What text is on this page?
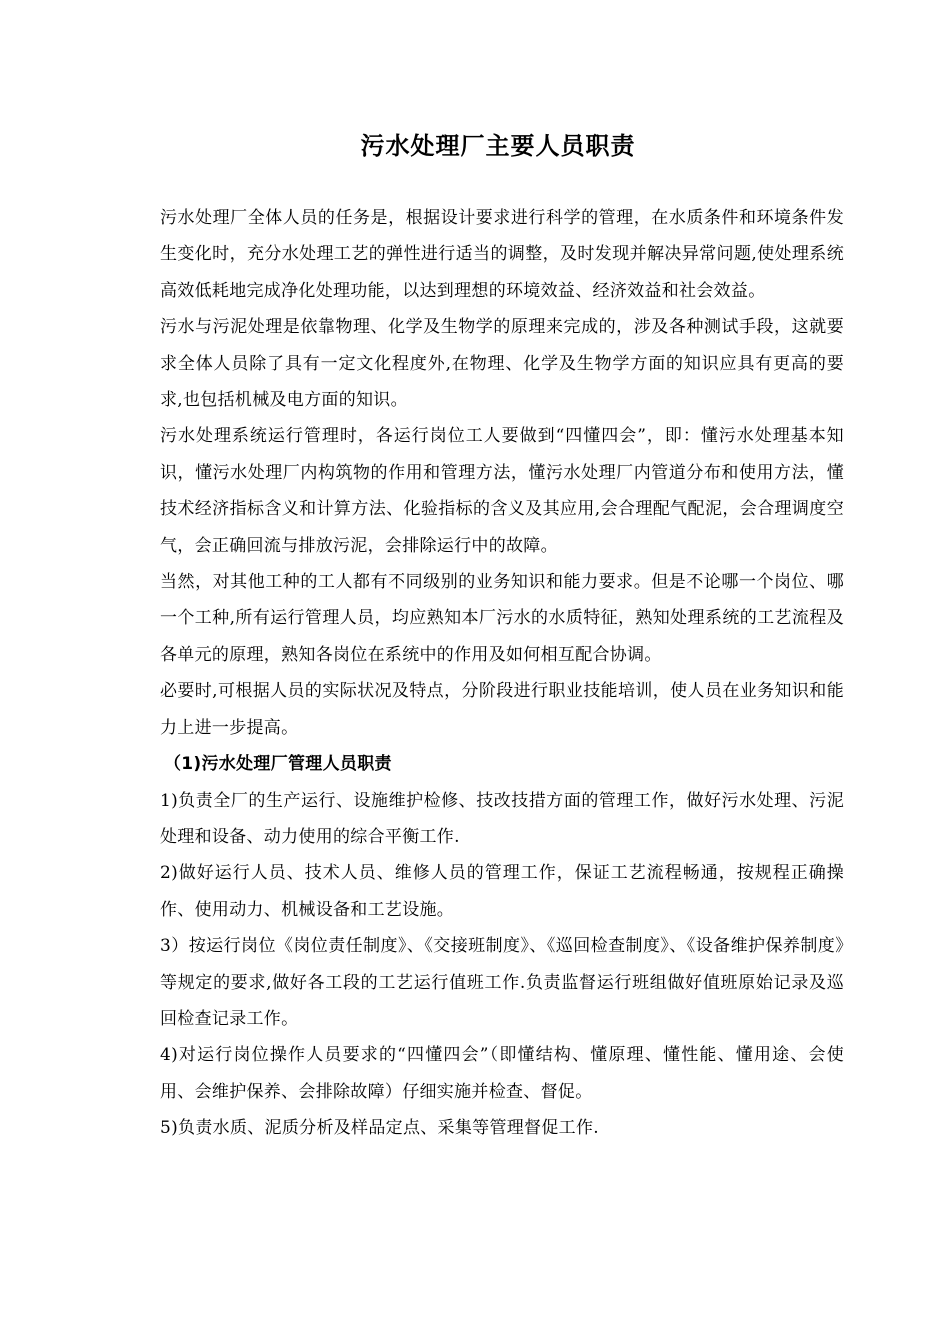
污水处理厂主要人员职责

污水处理厂全体人员的任务是，根据设计要求进行科学的管理，在水质条件和环境条件发生变化时，充分水处理工艺的弹性进行适当的调整，及时发现并解决异常问题,使处理系统高效低耗地完成净化处理功能，以达到理想的环境效益、经济效益和社会效益。

污水与污泥处理是依靠物理、化学及生物学的原理来完成的，涉及各种测试手段，这就要求全体人员除了具有一定文化程度外,在物理、化学及生物学方面的知识应具有更高的要求,也包括机械及电方面的知识。

污水处理系统运行管理时，各运行岗位工人要做到“四懂四会”，即：懂污水处理基本知识，懂污水处理厂内构筑物的作用和管理方法，懂污水处理厂内管道分布和使用方法，懂技术经济指标含义和计算方法、化验指标的含义及其应用,会合理配气配泥，会合理调度空气，会正确回流与排放污泥，会排除运行中的故障。

当然，对其他工种的工人都有不同级别的业务知识和能力要求。但是不论哪一个岗位、哪一个工种,所有运行管理人员，均应熟知本厂污水的水质特征，熟知处理系统的工艺流程及各单元的原理，熟知各岗位在系统中的作用及如何相互配合协调。

必要时,可根据人员的实际状况及特点，分阶段进行职业技能培训，使人员在业务知识和能力上进一步提高。

（1)污水处理厂管理人员职责

1)负责全厂的生产运行、设施维护检修、技改技措方面的管理工作，做好污水处理、污泥处理和设备、动力使用的综合平衡工作.

2)做好运行人员、技术人员、维修人员的管理工作，保证工艺流程畅通，按规程正确操作、使用动力、机械设备和工艺设施。

3）按运行岗位《岗位责任制度》、《交接班制度》、《巡回检查制度》、《设备维护保养制度》等规定的要求,做好各工段的工艺运行值班工作.负责监督运行班组做好值班原始记录及巡回检查记录工作。

4)对运行岗位操作人员要求的“四懂四会”（即懂结构、懂原理、懂性能、懂用途、会使用、会维护保养、会排除故障）仔细实施并检查、督促。

5)负责水质、泥质分析及样品定点、采集等管理督促工作.
